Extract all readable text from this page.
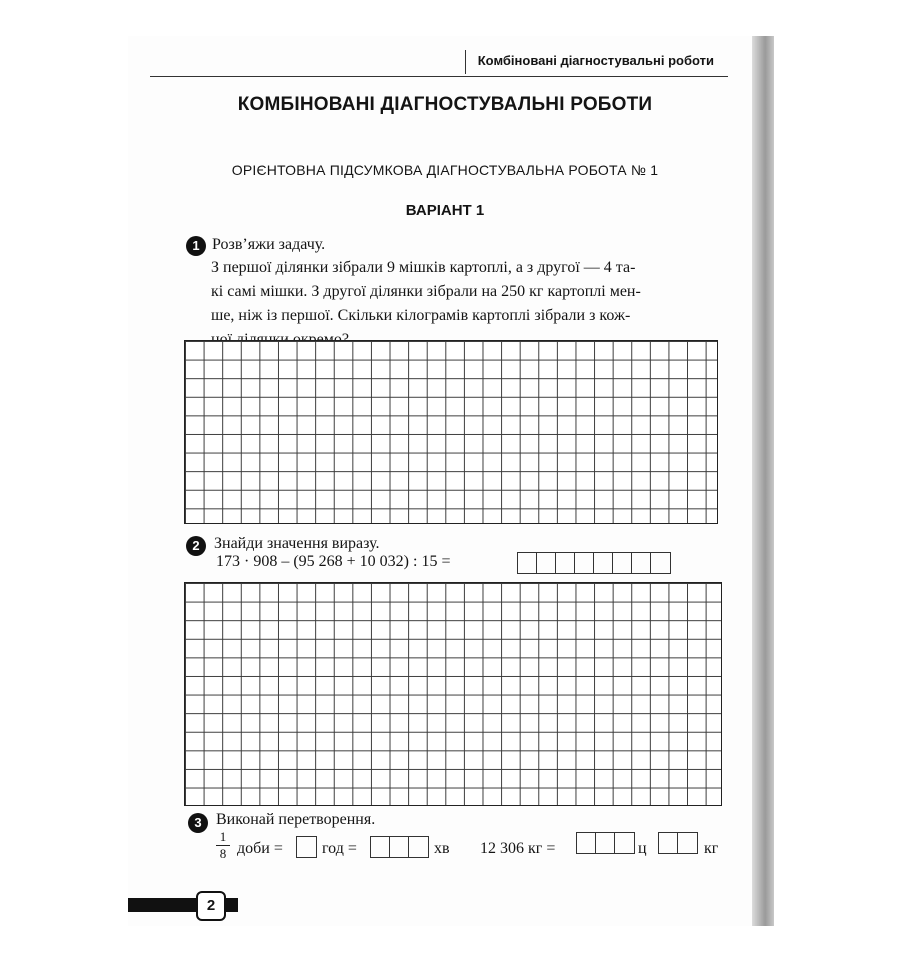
Комбіновані діагностувальні роботи
КОМБІНОВАНІ ДІАГНОСТУВАЛЬНІ РОБОТИ
ОРІЄНТОВНА ПІДСУМКОВА ДІАГНОСТУВАЛЬНА РОБОТА № 1
ВАРІАНТ 1
1 Розв’яжи задачу.
З першої ділянки зібрали 9 мішків картоплі, а з другої — 4 та-
кі самі мішки. З другої ділянки зібрали на 250 кг картоплі мен-
ше, ніж із першої. Скільки кілограмів картоплі зібрали з кож-
2 Знайди значення виразу.
173 · 908 – (95 268 + 10 032) : 15 =
3 Виконай перетворення.
1
8 доби = год =	хв 12 306 кг =	ц	кг
2
